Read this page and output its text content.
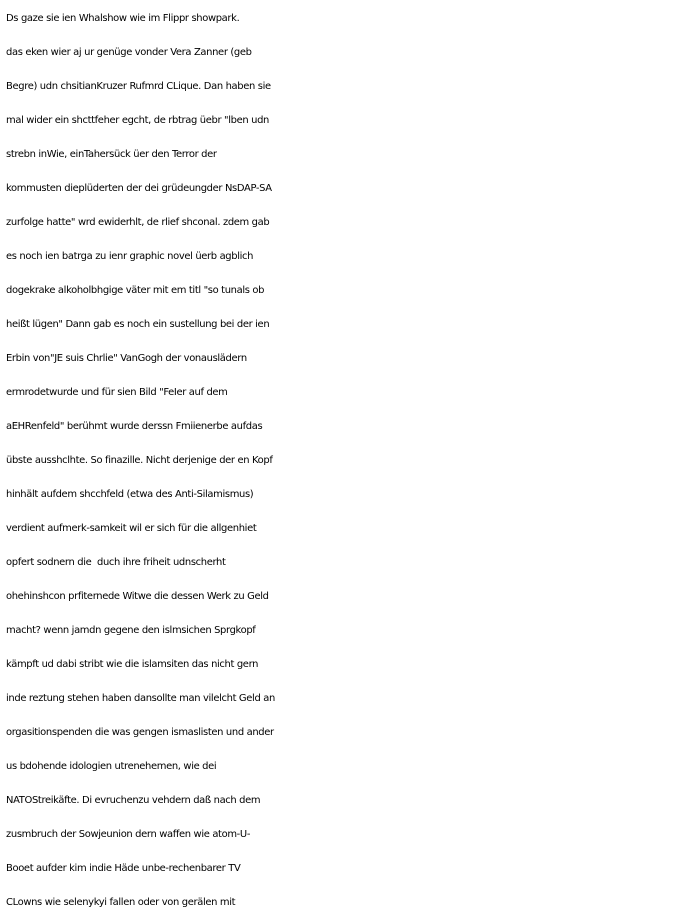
Ds gaze sie ien Whalshow wie im Flippr showpark.
das eken wier aj ur genüge vonder Vera Zanner (geb
Begre) udn chsitianKruzer Rufmrd CLique. Dan haben sie
mal wider ein shcttfeher egcht, de rbtrag üebr "lben udn
strebn inWie, einTahersück üer den Terror der
kommusten dieplüderten der dei grüdeungder NsDAP-SA
zurfolge hatte" wrd ewiderhlt, de rlief shconal. zdem gab
es noch ien batrga zu ienr graphic novel üerb agblich
dogekrake alkoholbhgige väter mit em titl "so tunals ob
heißt lügen" Dann gab es noch ein sustellung bei der ien
Erbin von"JE suis Chrlie" VanGogh der vonauslädern
ermrodetwurde und für sien Bild "FeIer auf dem
aEHRenfeld" berühmt wurde derssn Fmiienerbe aufdas
übste ausshclhte. So finazille. Nicht derjenige der en Kopf
hinhält aufdem shcchfeld (etwa des Anti-Silamismus)
verdient aufmerk-samkeit wil er sich für die allgenhiet
opfert sodnern die  duch ihre friheit udnscherht
ohehinshcon prfiternede Witwe die dessen Werk zu Geld
macht? wenn jamdn gegene den islmsichen Sprgkopf
kämpft ud dabi stribt wie die islamsiten das nicht gern
inde reztung stehen haben dansollte man vilelcht Geld an
orgasitionspenden die was gengen ismaslisten und ander
us bdohende idologien utrenehemen, wie dei
NATOStreikäfte. Di evruchenzu vehdern daß nach dem
zusmbruch der Sowjeunion dern waffen wie atom-U-
Booet aufder kim indie Häde unbe-rechenbarer TV
CLowns wie selenykyi fallen oder von gerälen mit
